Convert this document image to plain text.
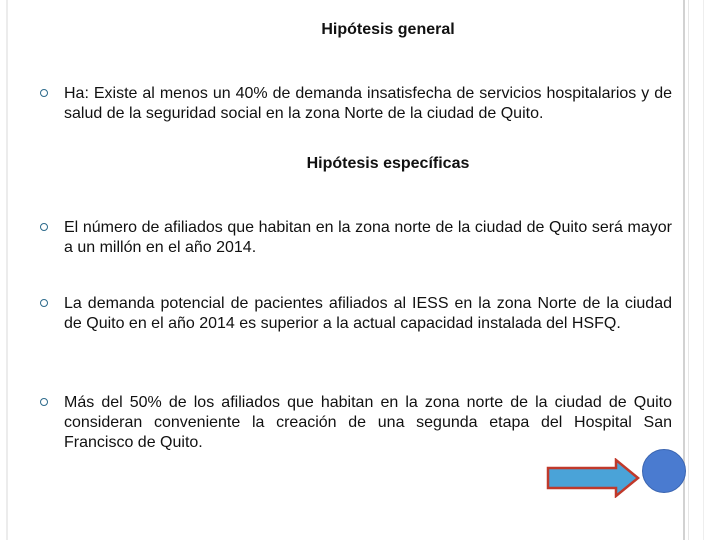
Hipótesis general
Ha: Existe al menos un 40% de demanda insatisfecha de servicios hospitalarios y de salud de la seguridad social en la zona Norte de la ciudad de Quito.
Hipótesis específicas
El número de afiliados que habitan en la zona norte de la ciudad de Quito será mayor a un millón en el año 2014.
La demanda potencial de pacientes afiliados al IESS en la zona Norte de la ciudad de Quito en el año 2014 es superior a la actual capacidad instalada del HSFQ.
Más del 50% de los afiliados que habitan en la zona norte de la ciudad de Quito consideran conveniente la creación de una segunda etapa del Hospital San Francisco de Quito.
